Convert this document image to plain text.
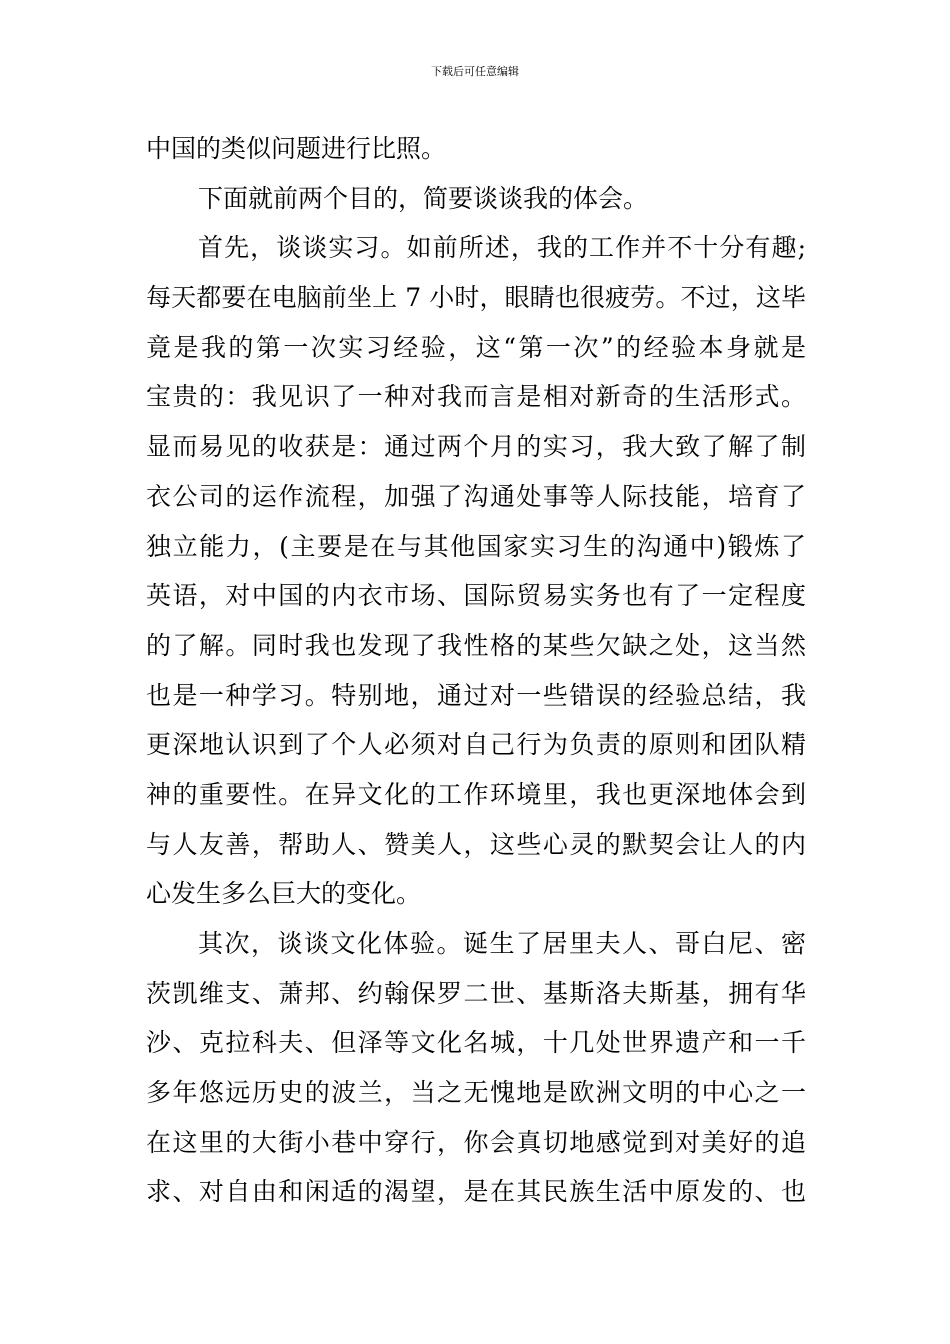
下载后可任意编辑
中国的类似问题进行比照。
下面就前两个目的，简要谈谈我的体会。
首先，谈谈实习。如前所述，我的工作并不十分有趣;
每天都要在电脑前坐上 7 小时，眼睛也很疲劳。不过，这毕
竟是我的第一次实习经验，这“第一次”的经验本身就是
宝贵的：我见识了一种对我而言是相对新奇的生活形式。
显而易见的收获是：通过两个月的实习，我大致了解了制
衣公司的运作流程，加强了沟通处事等人际技能，培育了
独立能力，(主要是在与其他国家实习生的沟通中)锻炼了
英语，对中国的内衣市场、国际贸易实务也有了一定程度
的了解。同时我也发现了我性格的某些欠缺之处，这当然
也是一种学习。特别地，通过对一些错误的经验总结，我
更深地认识到了个人必须对自己行为负责的原则和团队精
神的重要性。在异文化的工作环境里，我也更深地体会到
与人友善，帮助人、赞美人，这些心灵的默契会让人的内
心发生多么巨大的变化。
其次，谈谈文化体验。诞生了居里夫人、哥白尼、密
茨凯维支、萧邦、约翰保罗二世、基斯洛夫斯基，拥有华
沙、克拉科夫、但泽等文化名城，十几处世界遗产和一千
多年悠远历史的波兰，当之无愧地是欧洲文明的中心之一
在这里的大街小巷中穿行，你会真切地感觉到对美好的追
求、对自由和闲适的渴望，是在其民族生活中原发的、也
